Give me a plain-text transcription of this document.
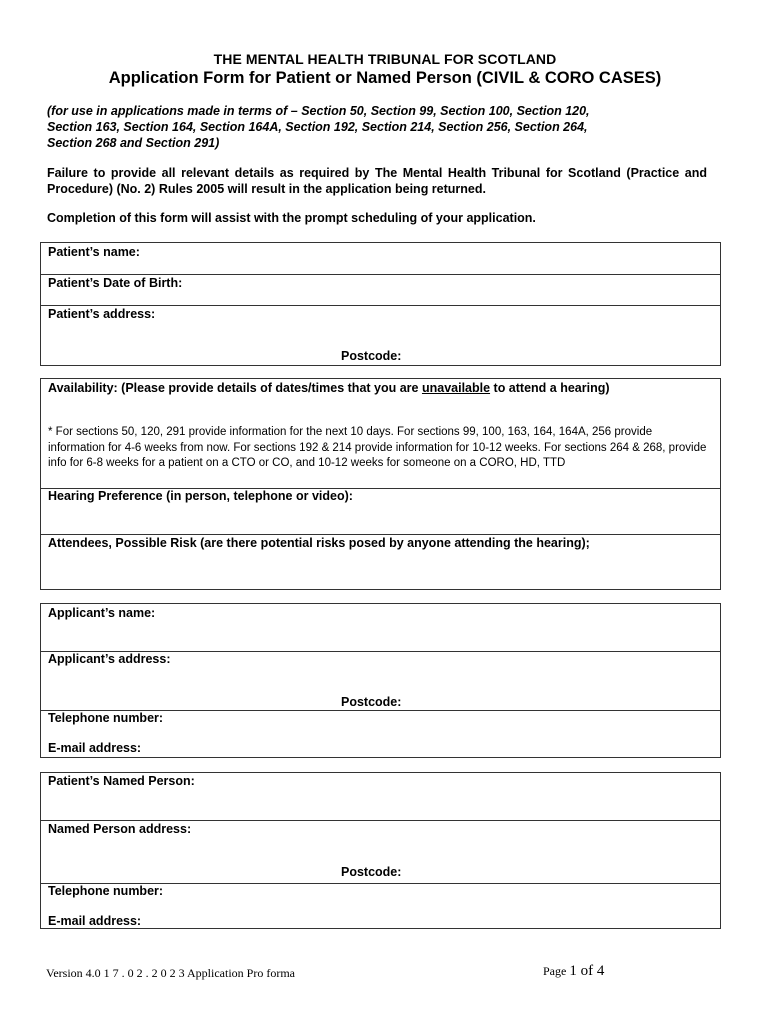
THE MENTAL HEALTH TRIBUNAL FOR SCOTLAND
Application Form for Patient or Named Person (CIVIL & CORO CASES)
(for use in applications made in terms of – Section 50, Section 99, Section 100, Section 120,
Section 163, Section 164, Section 164A, Section 192, Section 214, Section 256, Section 264,
Section 268 and Section 291)
Failure to provide all relevant details as required by The Mental Health Tribunal for Scotland (Practice and Procedure) (No. 2) Rules 2005 will result in the application being returned.
Completion of this form will assist with the prompt scheduling of your application.
Patient’s name:
Patient’s Date of Birth:
Patient’s address:
Postcode:
Availability: (Please provide details of dates/times that you are unavailable to attend a hearing)
* For sections 50, 120, 291 provide information for the next 10 days. For sections 99, 100, 163, 164, 164A, 256 provide information for 4-6 weeks from now. For sections 192 & 214 provide information for 10-12 weeks. For sections 264 & 268, provide info for 6-8 weeks for a patient on a CTO or CO, and 10-12 weeks for someone on a CORO, HD, TTD
Hearing Preference (in person, telephone or video):
Attendees, Possible Risk (are there potential risks posed by anyone attending the hearing);
Applicant’s name:
Applicant’s address:
Postcode:
Telephone number:
E-mail address:
Patient’s Named Person:
Named Person address:
Postcode:
Telephone number:
E-mail address:
Version 4.0 1 7 . 0 2 . 2 0 2 3 Application Pro forma	Page 1 of 4
